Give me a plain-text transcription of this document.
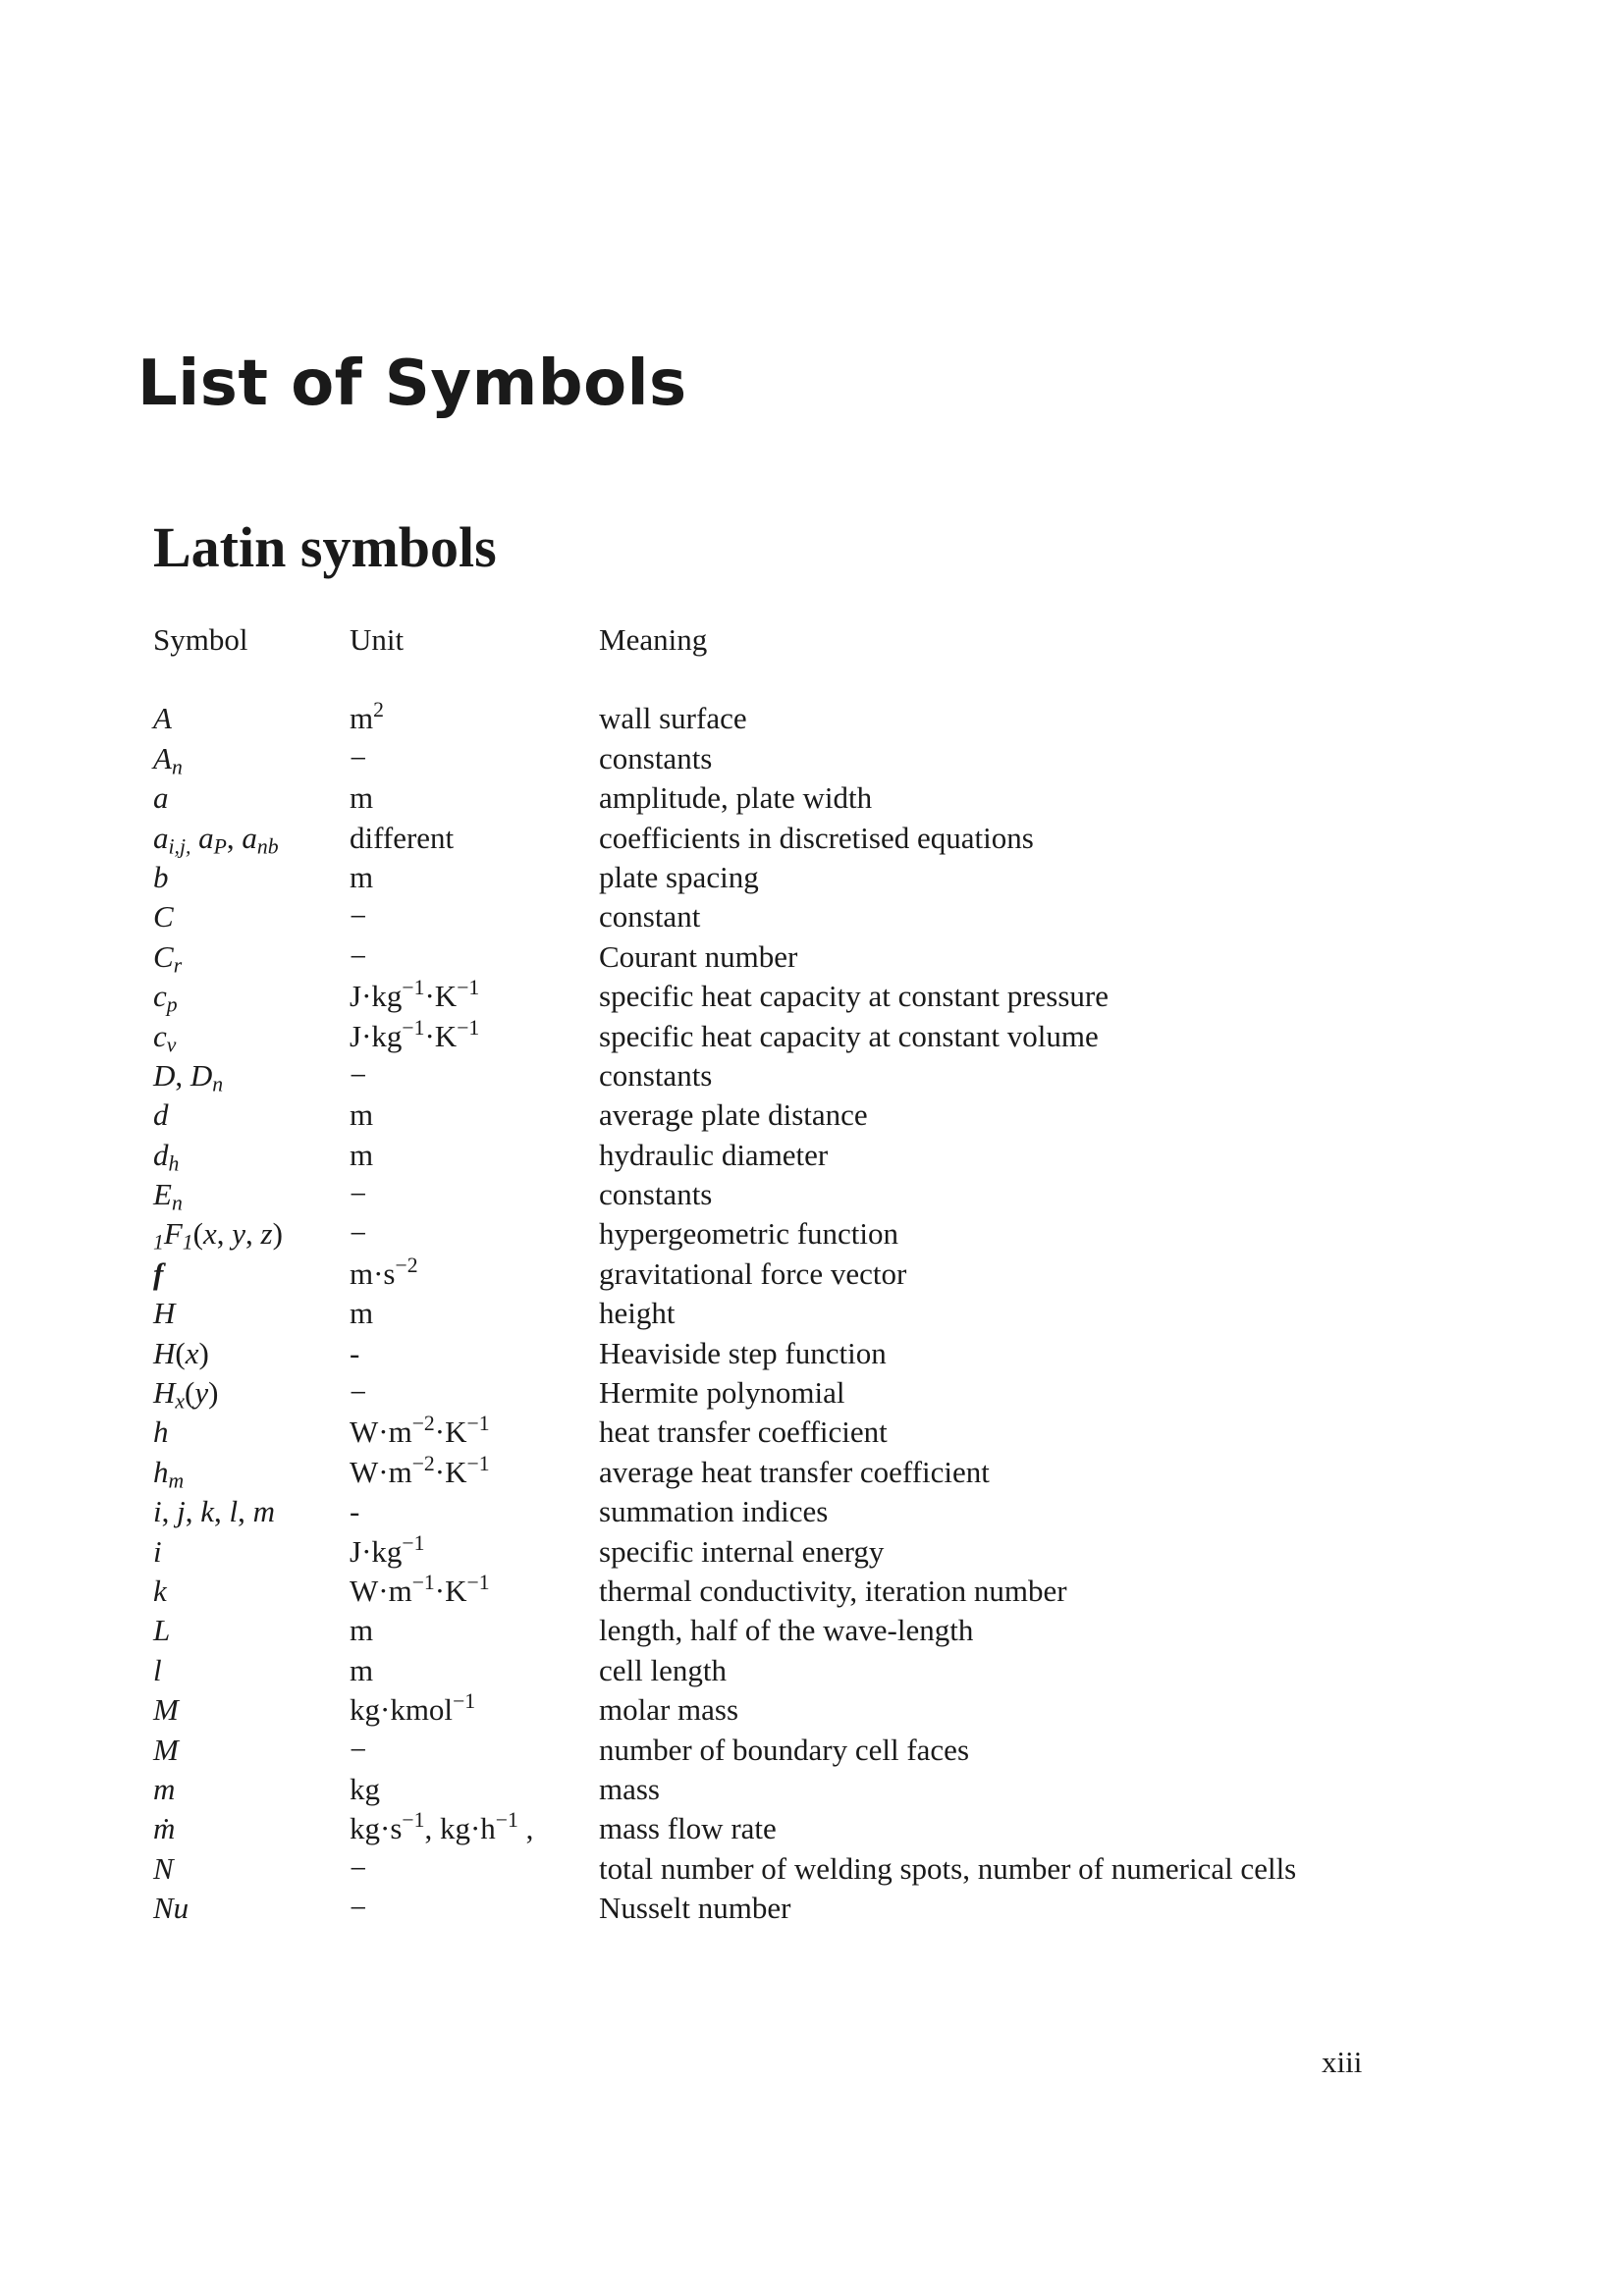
List of Symbols
Latin symbols
Symbol	Unit	Meaning
A	$m^2$	wall surface
$A_n$	−	constants
a	m	amplitude, plate width
$a_{i,j,}$ $a_P$, $a_{nb}$	different	coefficients in discretised equations
b	m	plate spacing
C	−	constant
$C_r$	−	Courant number
$c_p$	$J\cdot kg^{-1}\cdot K^{-1}$	specific heat capacity at constant pressure
$c_v$	$J\cdot kg^{-1}\cdot K^{-1}$	specific heat capacity at constant volume
D, $D_n$	−	constants
d	m	average plate distance
$d_h$	m	hydraulic diameter
$E_n$	−	constants
$_1F_1(x$, y, z)	−	hypergeometric function
f	$m\cdot s^{-2}$	gravitational force vector
H	m	height
H(x)	-	Heaviside step function
$H_x(y)$	−	Hermite polynomial
h	$W\cdot m^{-2}\cdot K^{-1}$	heat transfer coefficient
$h_m$	$W\cdot m^{-2}\cdot K^{-1}$	average heat transfer coefficient
i, j, k, l, m	-	summation indices
i	$J\cdot kg^{-1}$	specific internal energy
k	$W\cdot m^{-1}\cdot K^{-1}$	thermal conductivity, iteration number
L	m	length, half of the wave-length
l	m	cell length
M	kg·kmol$^{-1}$	molar mass
M	−	number of boundary cell faces
m	kg	mass
ṁ	$kg\cdot s^{-1}$, $kg\cdot h^{-1}$ ,	mass flow rate
N	−	total number of welding spots, number of numerical cells
Nu	−	Nusselt number
xiii
